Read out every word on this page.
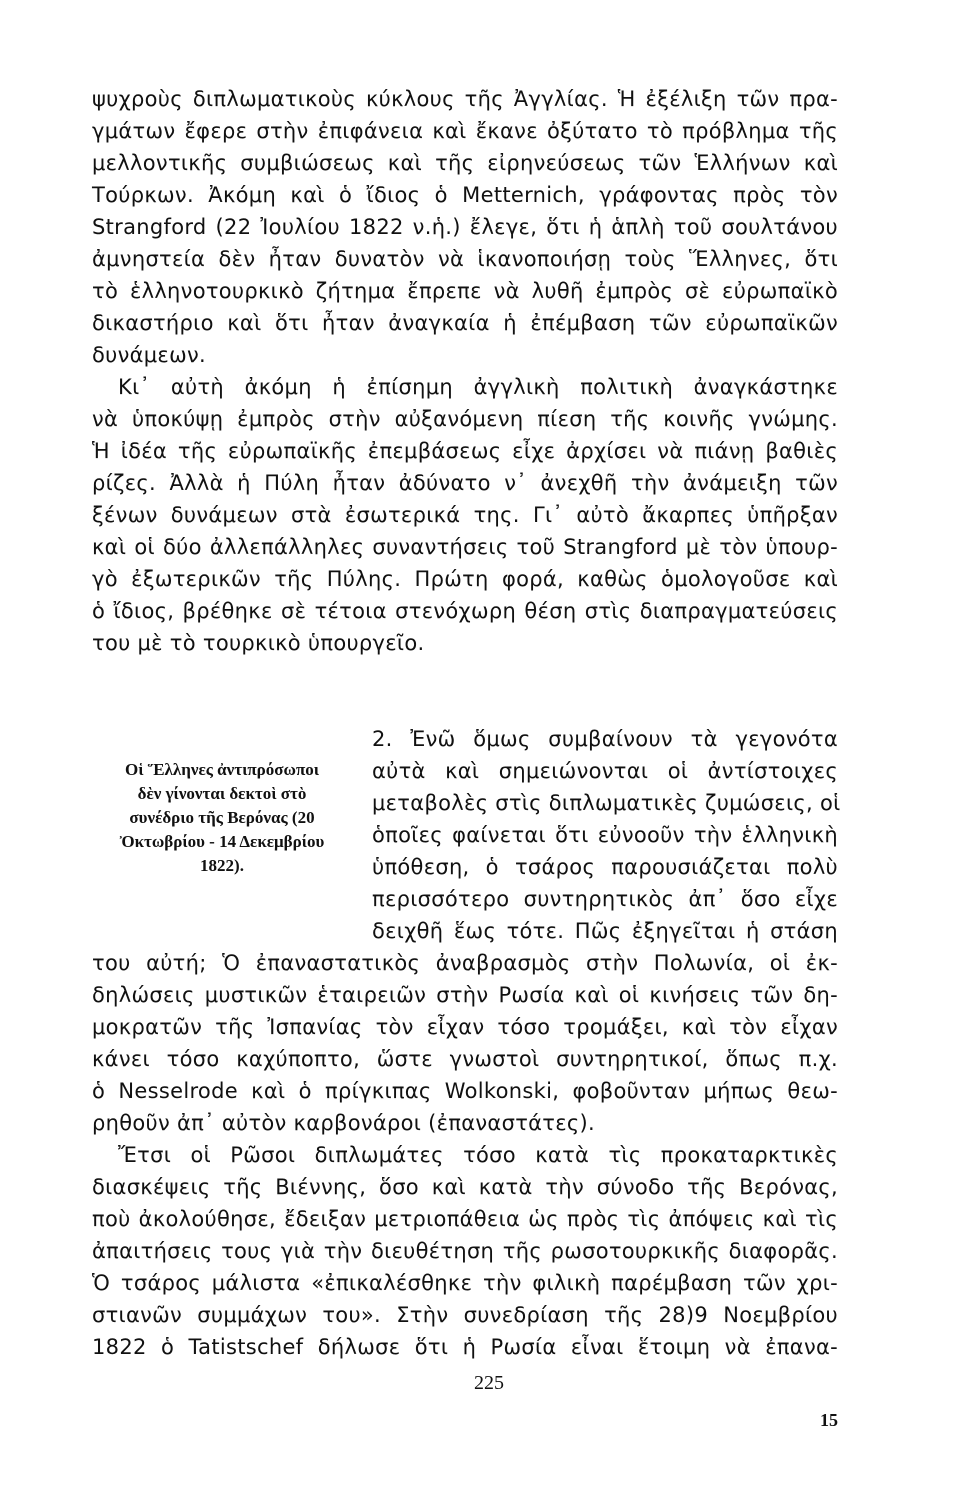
ψυχροὺς διπλωματικοὺς κύκλους τῆς Ἀγγλίας. Ἡ ἐξέλιξη τῶν πρα-
γμάτων ἔφερε στὴν ἐπιφάνεια καὶ ἔκανε ὀξύτατο τὸ πρόβλημα τῆς
μελλοντικῆς συμβιώσεως καὶ τῆς εἰρηνεύσεως τῶν Ἑλλήνων καὶ
Τούρκων. Ἀκόμη καὶ ὁ ἴδιος ὁ Metternich, γράφοντας πρὸς τὸν
Strangford (22 Ἰουλίου 1822 ν.ἡ.) ἔλεγε, ὅτι ἡ ἁπλὴ τοῦ σουλτάνου
ἀμνηστεία δὲν ἦταν δυνατὸν νὰ ἱκανοποιήσῃ τοὺς Ἕλληνες, ὅτι
τὸ ἑλληνοτουρκικὸ ζήτημα ἔπρεπε νὰ λυθῆ ἐμπρὸς σὲ εὐρωπαϊκὸ
δικαστήριο καὶ ὅτι ἦταν ἀναγκαία ἡ ἐπέμβαση τῶν εὐρωπαϊκῶν
δυνάμεων.
Κι᾽ αὐτὴ ἀκόμη ἡ ἐπίσημη ἀγγλικὴ πολιτικὴ ἀναγκάστηκε
νὰ ὑποκύψῃ ἐμπρὸς στὴν αὐξανόμενη πίεση τῆς κοινῆς γνώμης.
Ἡ ἰδέα τῆς εὐρωπαϊκῆς ἐπεμβάσεως εἶχε ἀρχίσει νὰ πιάνῃ βαθιὲς
ρίζες. Ἀλλὰ ἡ Πύλη ἦταν ἀδύνατο ν᾽ ἀνεχθῆ τὴν ἀνάμειξη τῶν
ξένων δυνάμεων στὰ ἐσωτερικά της. Γι᾽ αὐτὸ ἄκαρπες ὑπῆρξαν
καὶ οἱ δύο ἀλλεπάλληλες συναντήσεις τοῦ Strangford μὲ τὸν ὑπουρ-
γὸ ἐξωτερικῶν τῆς Πύλης. Πρώτη φορά, καθὼς ὁμολογοῦσε καὶ
ὁ ἴδιος, βρέθηκε σὲ τέτοια στενόχωρη θέση στὶς διαπραγματεύσεις
του μὲ τὸ τουρκικὸ ὑπουργεῖο.
Οἱ Ἕλληνες ἀντιπρόσωποι
δὲν γίνονται δεκτοὶ στὸ
συνέδριο τῆς Βερόνας (20
Ὀκτωβρίου - 14 Δεκεμβρίου
1822).
2. Ἐνῶ ὅμως συμβαίνουν τὰ γεγονότα
αὐτὰ καὶ σημειώνονται οἱ ἀντίστοιχες
μεταβολὲς στὶς διπλωματικὲς ζυμώσεις, οἱ
ὁποῖες φαίνεται ὅτι εὐνοοῦν τὴν ἑλληνικὴ
ὑπόθεση, ὁ τσάρος παρουσιάζεται πολὺ
περισσότερο συντηρητικὸς ἀπ᾽ ὅσο εἶχε
δειχθῆ ἕως τότε. Πῶς ἐξηγεῖται ἡ στάση
του αὐτή; Ὁ ἐπαναστατικὸς ἀναβρασμὸς στὴν Πολωνία, οἱ ἐκ-
δηλώσεις μυστικῶν ἑταιρειῶν στὴν Ρωσία καὶ οἱ κινήσεις τῶν δη-
μοκρατῶν τῆς Ἰσπανίας τὸν εἶχαν τόσο τρομάξει, καὶ τὸν εἶχαν
κάνει τόσο καχύποπτο, ὥστε γνωστοὶ συντηρητικοί, ὅπως π.χ.
ὁ Nesselrode καὶ ὁ πρίγκιπας Wolkonski, φοβοῦνταν μήπως θεω-
ρηθοῦν ἀπ᾽ αὐτὸν καρβονάροι (ἐπαναστάτες).
Ἔτσι οἱ Ρῶσοι διπλωμάτες τόσο κατὰ τὶς προκαταρκτικὲς
διασκέψεις τῆς Βιέννης, ὅσο καὶ κατὰ τὴν σύνοδο τῆς Βερόνας,
ποὺ ἀκολούθησε, ἔδειξαν μετριοπάθεια ὡς πρὸς τὶς ἀπόψεις καὶ τὶς
ἀπαιτήσεις τους γιὰ τὴν διευθέτηση τῆς ρωσοτουρκικῆς διαφορᾶς.
Ὁ τσάρος μάλιστα «ἐπικαλέσθηκε τὴν φιλικὴ παρέμβαση τῶν χρι-
στιανῶν συμμάχων του». Στὴν συνεδρίαση τῆς 28)9 Νοεμβρίου
1822 ὁ Tatistschef δήλωσε ὅτι ἡ Ρωσία εἶναι ἕτοιμη νὰ ἐπανα-
225
15
